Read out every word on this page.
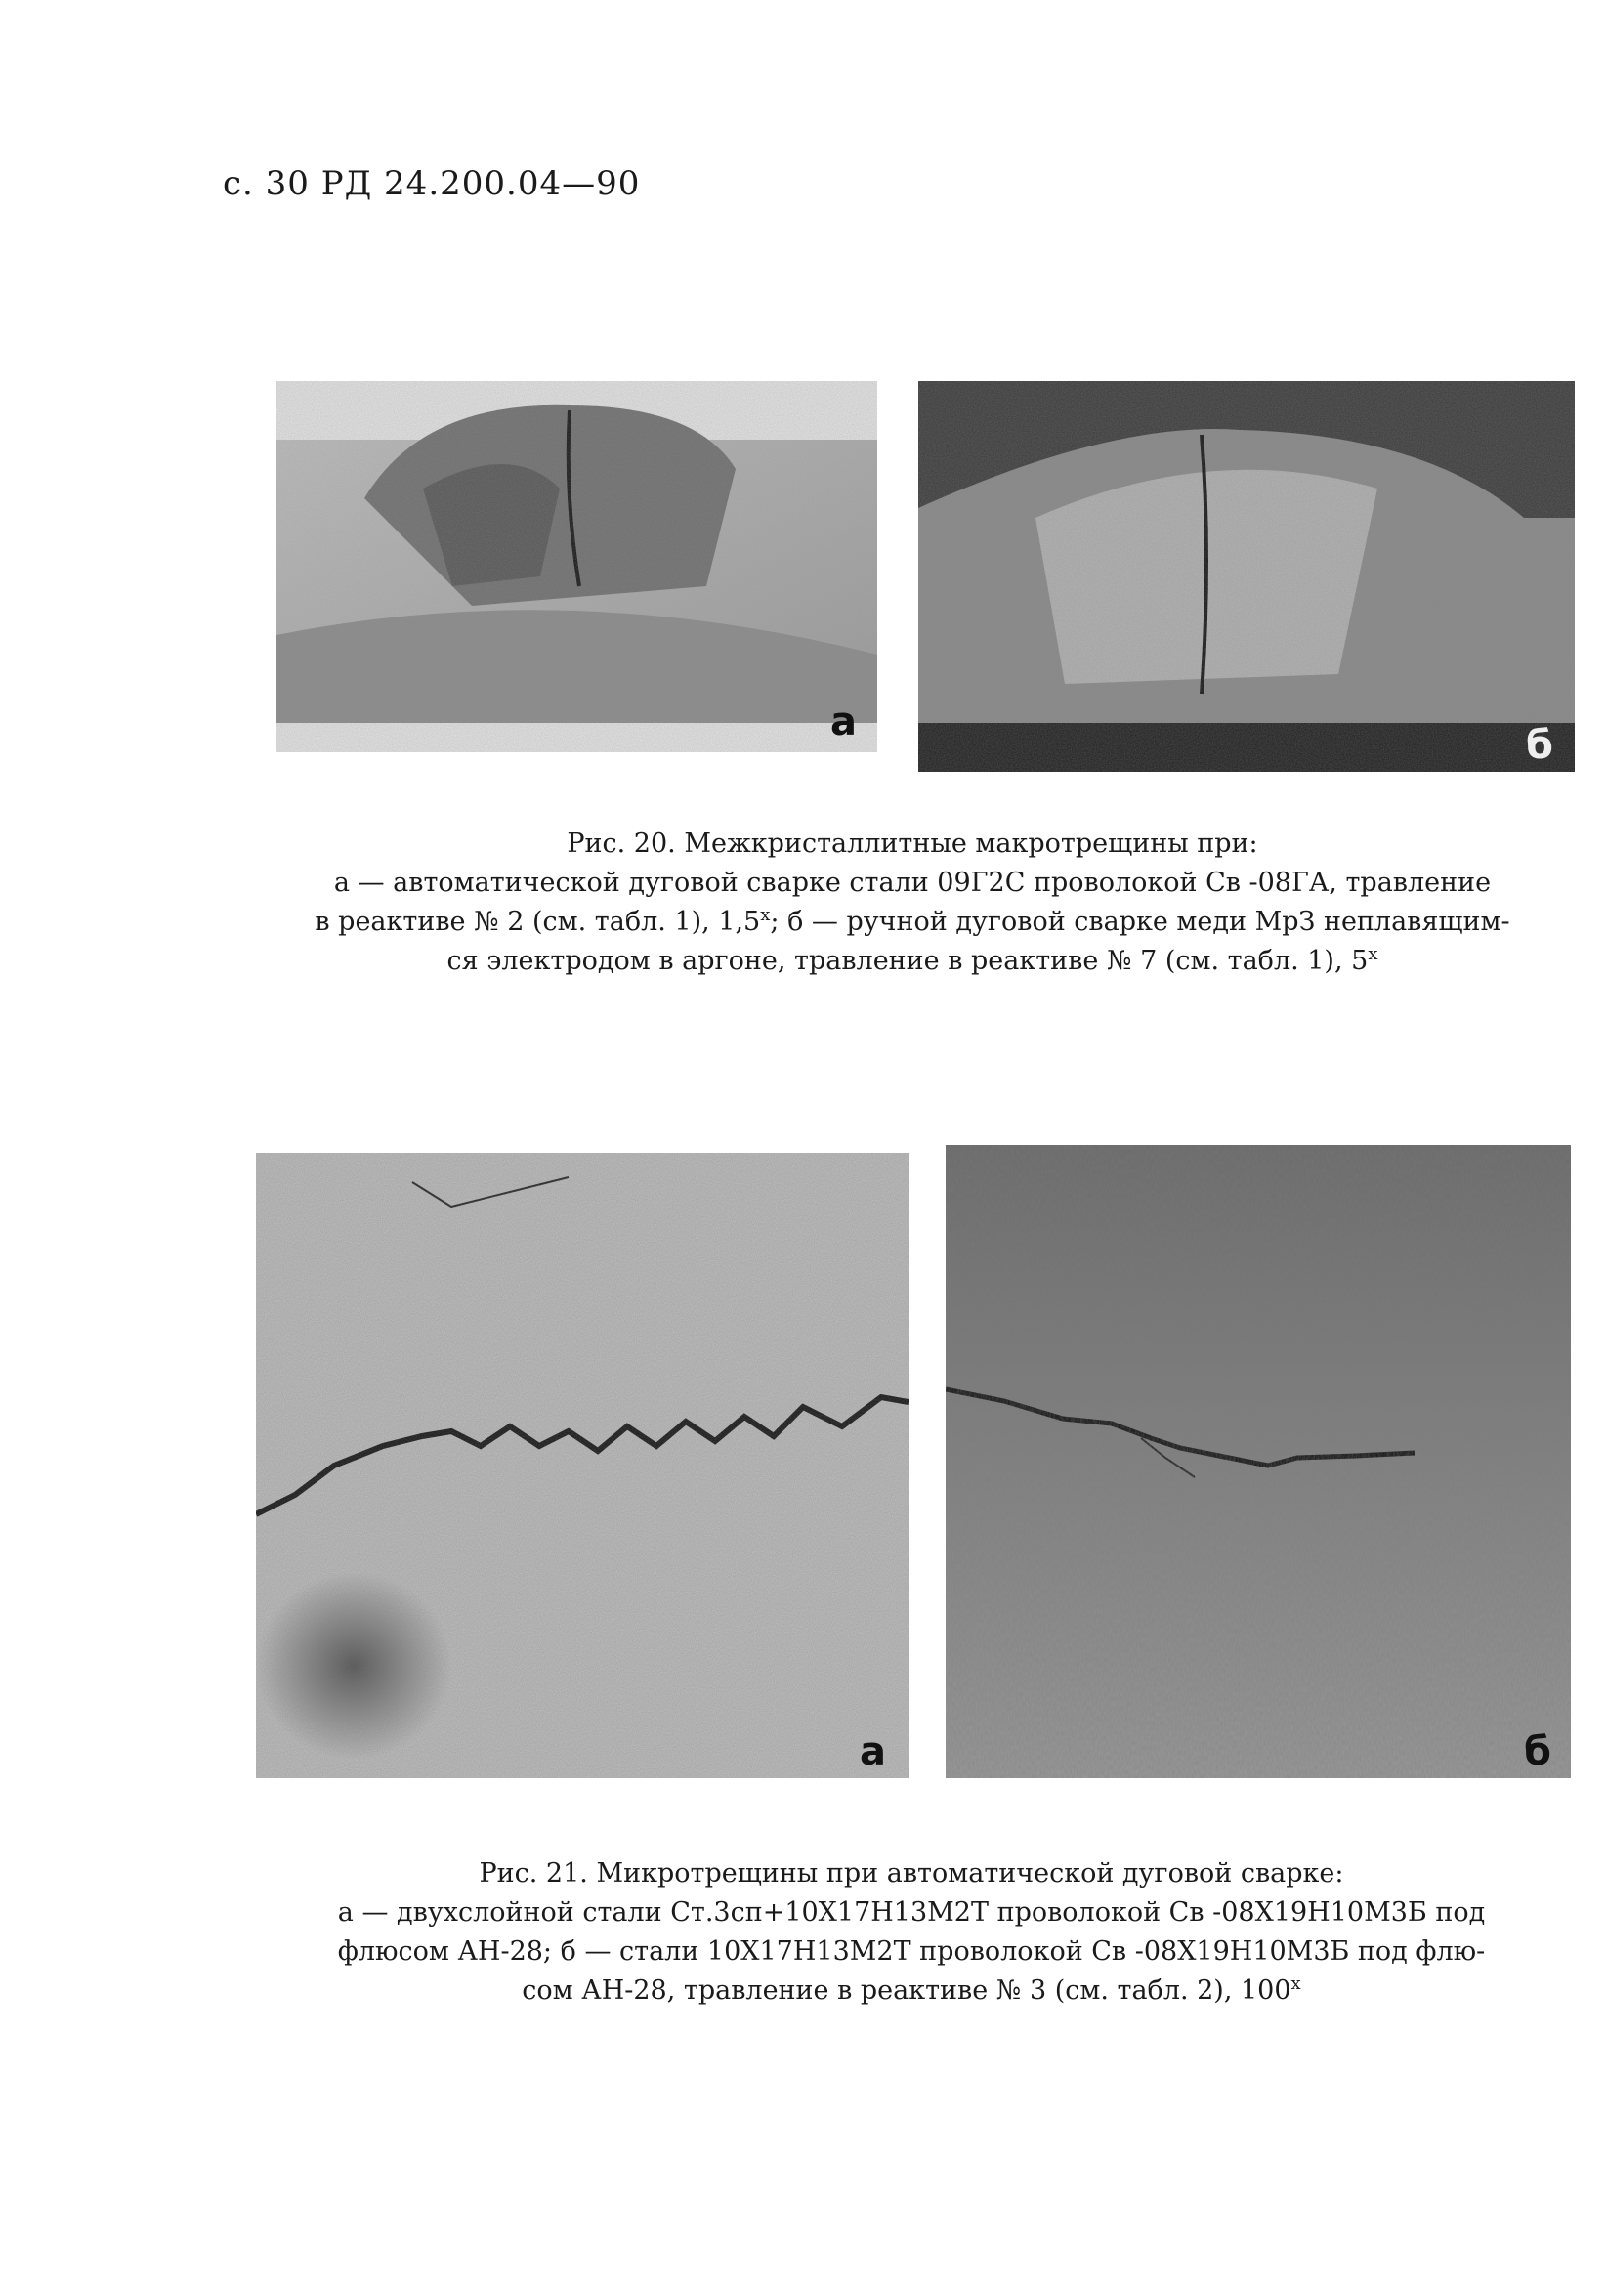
с. 30 РД 24.200.04—90
а
б
Рис. 20. Межкристаллитные макротрещины при:
а — автоматической дуговой сварке стали 09Г2С проволокой Св -08ГА, травление
в реактиве № 2 (см. табл. 1), $1,5^х$; б — ручной дуговой сварке меди МрЗ неплавящим-
ся электродом в аргоне, травление в реактиве № 7 (см. табл. 1), $5^х$
а	б
Рис. 21. Микротрещины при автоматической дуговой сварке:
а — двухслойной стали Ст.3сп+10Х17Н13М2Т проволокой Св -08Х19Н10М3Б под
флюсом АН-28; б — стали 10Х17Н13М2Т проволокой Св -08Х19Н10М3Б под флю-
сом АН-28, травление в реактиве № 3 (см. табл. 2), $100^х$
